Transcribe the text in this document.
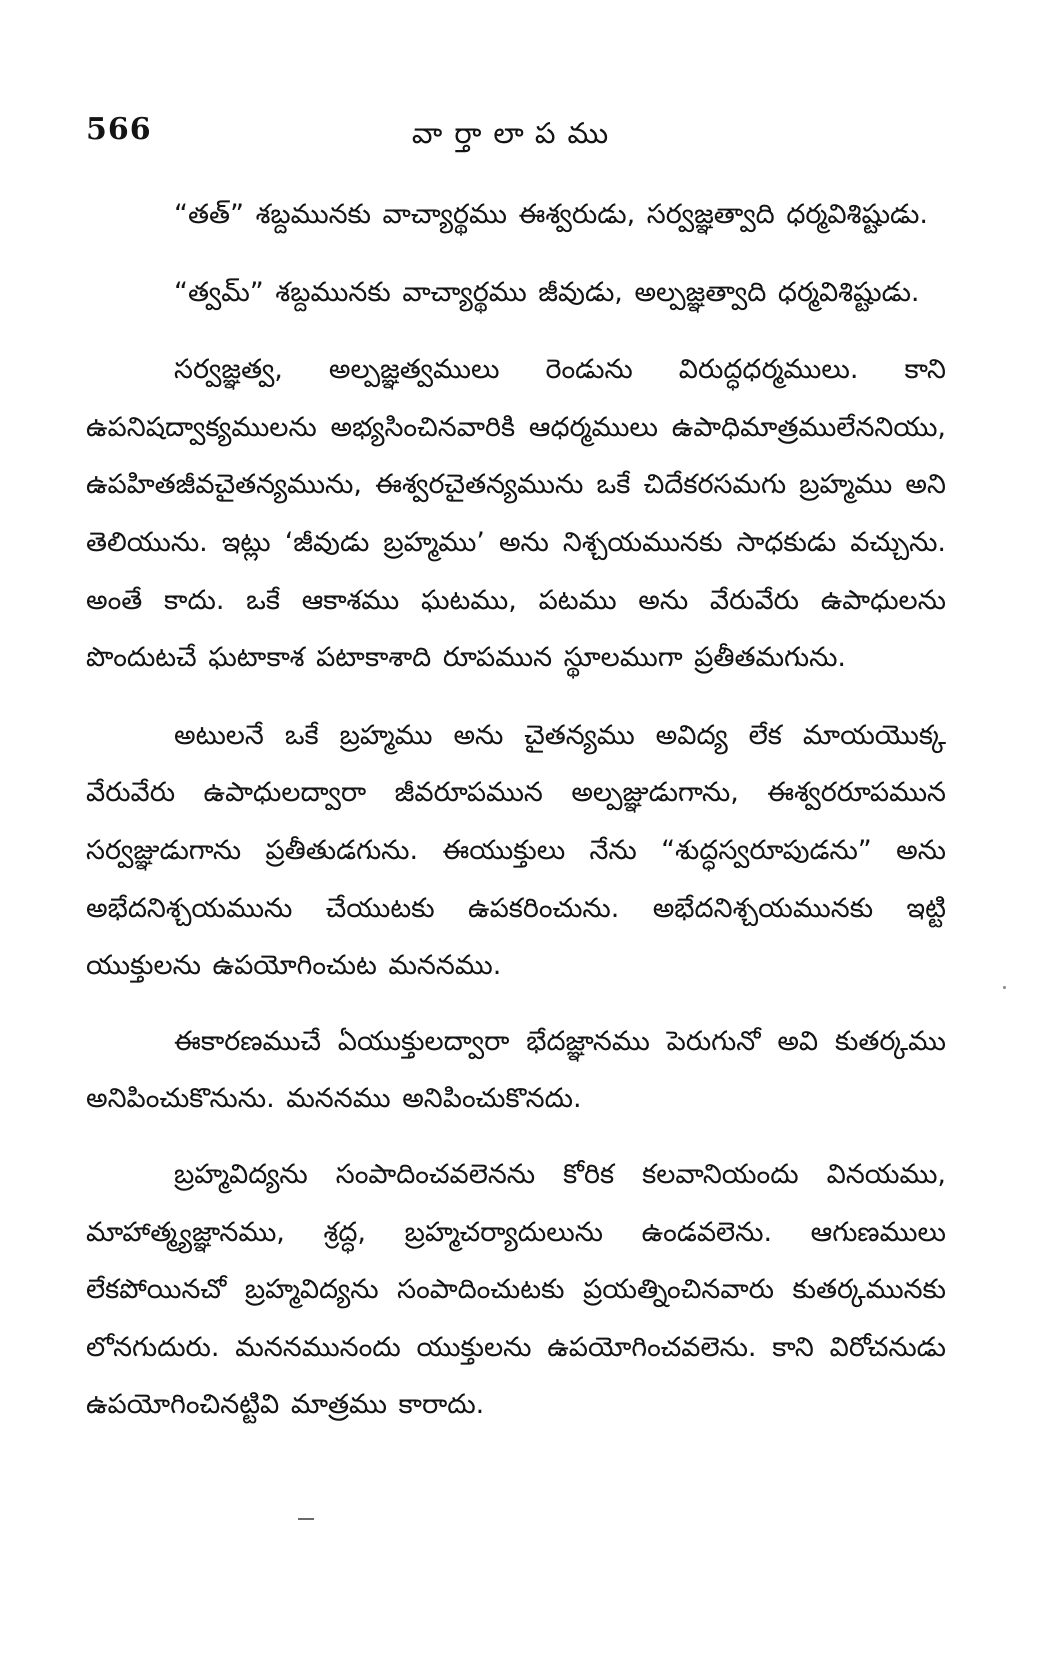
566	వార్తాలాపము

“తత్” శబ్దమునకు వాచ్యార్థము ఈశ్వరుడు, సర్వజ్ఞత్వాది ధర్మవిశిష్టుడు.

“త్వమ్” శబ్దమునకు వాచ్యార్థము జీవుడు, అల్పజ్ఞత్వాది ధర్మవిశిష్టుడు.

సర్వజ్ఞత్వ, అల్పజ్ఞత్వములు రెండును విరుద్ధధర్మములు. కాని ఉపనిషద్వాక్యములను అభ్యసించినవారికి ఆధర్మములు ఉపాధిమాత్రములేననియు, ఉపహితజీవచైతన్యమును, ఈశ్వరచైతన్యమును ఒకే చిదేకరసమగు బ్రహ్మము అని తెలియును. ఇట్లు ‘జీవుడు బ్రహ్మము’ అను నిశ్చయమునకు సాధకుడు వచ్చును. అంతే కాదు. ఒకే ఆకాశము ఘటము, పటము అను వేరువేరు ఉపాధులను పొందుటచే ఘటాకాశ పటాకాశాది రూపమున స్థూలముగా ప్రతీతమగును.

అటులనే ఒకే బ్రహ్మము అను చైతన్యము అవిద్య లేక మాయయొక్క వేరువేరు ఉపాధులద్వారా జీవరూపమున అల్పజ్ఞుడుగాను, ఈశ్వరరూపమున సర్వజ్ఞుడుగాను ప్రతీతుడగును. ఈయుక్తులు నేను “శుద్ధస్వరూపుడను” అను అభేదనిశ్చయమును చేయుటకు ఉపకరించును. అభేదనిశ్చయమునకు ఇట్టి యుక్తులను ఉపయోగించుట మననము.

ఈకారణముచే ఏయుక్తులద్వారా భేదజ్ఞానము పెరుగునో అవి కుతర్కము అనిపించుకొనును. మననము అనిపించుకొనదు.

బ్రహ్మవిద్యను సంపాదించవలెనను కోరిక కలవానియందు వినయము, మాహాత్మ్యజ్ఞానము, శ్రద్ధ, బ్రహ్మచర్యాదులును ఉండవలెను. ఆగుణములు లేకపోయినచో బ్రహ్మవిద్యను సంపాదించుటకు ప్రయత్నించినవారు కుతర్కమునకు లోనగుదురు. మననమునందు యుక్తులను ఉపయోగించవలెను. కాని విరోచనుడు ఉపయోగించినట్టివి మాత్రము కారాదు.
